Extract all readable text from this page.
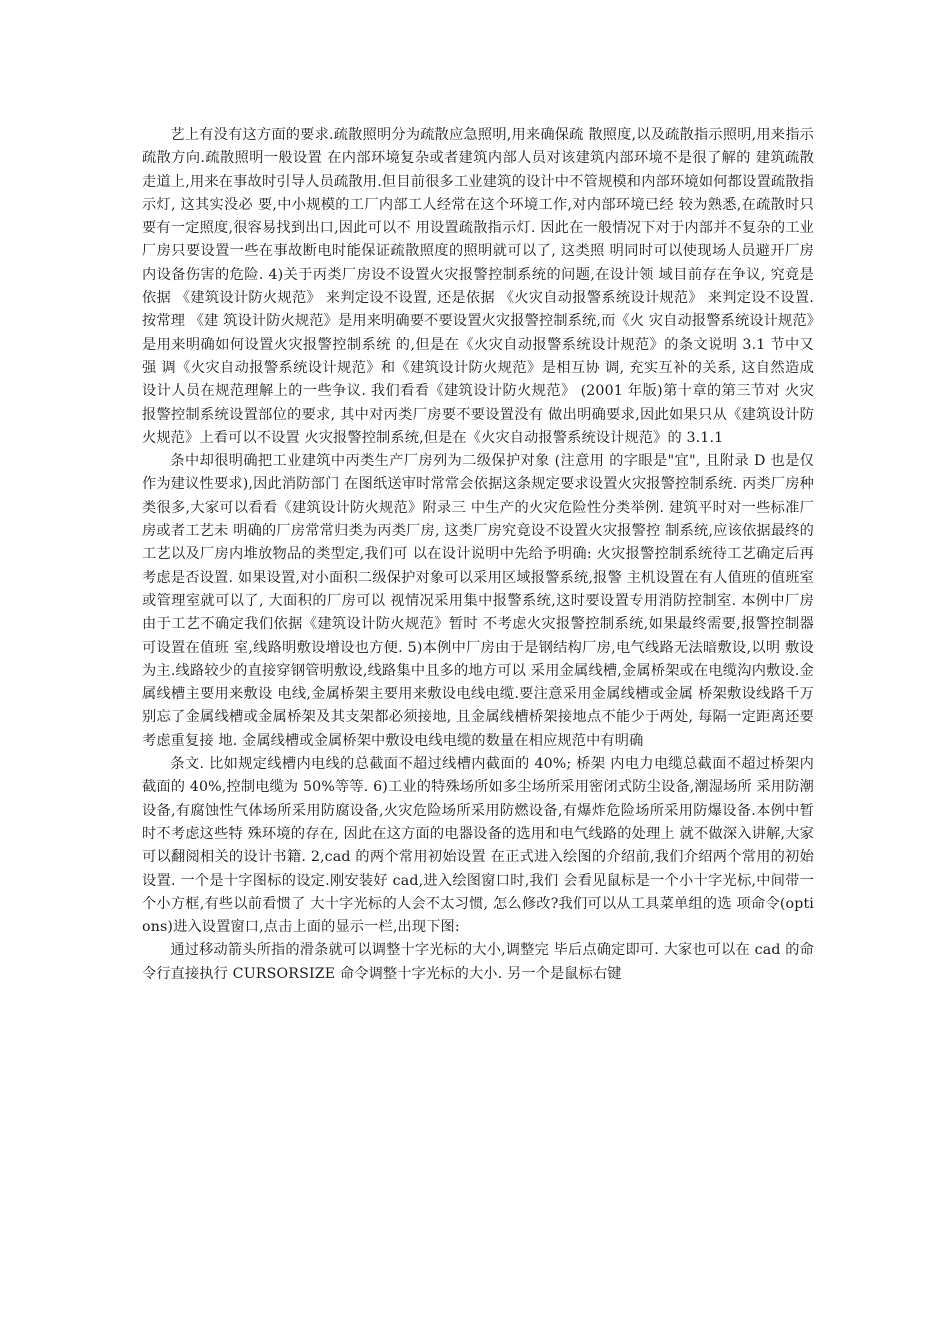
艺上有没有这方面的要求.疏散照明分为疏散应急照明,用来确保疏 散照度,以及疏散指示照明,用来指示疏散方向.疏散照明一般设置 在内部环境复杂或者建筑内部人员对该建筑内部环境不是很了解的 建筑疏散走道上,用来在事故时引导人员疏散用.但目前很多工业建筑的设计中不管规模和内部环境如何都设置疏散指示灯, 这其实没必 要,中小规模的工厂内部工人经常在这个环境工作,对内部环境已经 较为熟悉,在疏散时只要有一定照度,很容易找到出口,因此可以不 用设置疏散指示灯. 因此在一般情况下对于内部并不复杂的工业厂房只要设置一些在事故断电时能保证疏散照度的照明就可以了, 这类照 明同时可以使现场人员避开厂房内设备伤害的危险. 4)关于丙类厂房设不设置火灾报警控制系统的问题,在设计领 域目前存在争议, 究竟是依据 《建筑设计防火规范》 来判定设不设置, 还是依据 《火灾自动报警系统设计规范》 来判定设不设置. 按常理 《建 筑设计防火规范》是用来明确要不要设置火灾报警控制系统,而《火 灾自动报警系统设计规范》是用来明确如何设置火灾报警控制系统 的,但是在《火灾自动报警系统设计规范》的条文说明 3.1 节中又强 调《火灾自动报警系统设计规范》和《建筑设计防火规范》是相互协 调, 充实互补的关系, 这自然造成设计人员在规范理解上的一些争议. 我们看看《建筑设计防火规范》 (2001 年版)第十章的第三节对 火灾报警控制系统设置部位的要求, 其中对丙类厂房要不要设置没有 做出明确要求,因此如果只从《建筑设计防火规范》上看可以不设置 火灾报警控制系统,但是在《火灾自动报警系统设计规范》的 3.1.1

条中却很明确把工业建筑中丙类生产厂房列为二级保护对象 (注意用 的字眼是"宜", 且附录 D 也是仅作为建议性要求),因此消防部门 在图纸送审时常常会依据这条规定要求设置火灾报警控制系统. 丙类厂房种类很多,大家可以看看《建筑设计防火规范》附录三 中生产的火灾危险性分类举例. 建筑平时对一些标准厂房或者工艺未 明确的厂房常常归类为丙类厂房, 这类厂房究竟设不设置火灾报警控 制系统,应该依据最终的工艺以及厂房内堆放物品的类型定,我们可 以在设计说明中先给予明确: 火灾报警控制系统待工艺确定后再考虑是否设置. 如果设置,对小面积二级保护对象可以采用区域报警系统,报警 主机设置在有人值班的值班室或管理室就可以了, 大面积的厂房可以 视情况采用集中报警系统,这时要设置专用消防控制室. 本例中厂房由于工艺不确定我们依据《建筑设计防火规范》暂时 不考虑火灾报警控制系统,如果最终需要,报警控制器可设置在值班 室,线路明敷设增设也方便. 5)本例中厂房由于是钢结构厂房,电气线路无法暗敷设,以明 敷设为主.线路较少的直接穿钢管明敷设,线路集中且多的地方可以 采用金属线槽,金属桥架或在电缆沟内敷设.金属线槽主要用来敷设 电线,金属桥架主要用来敷设电线电缆.要注意采用金属线槽或金属 桥架敷设线路千万别忘了金属线槽或金属桥架及其支架都必须接地, 且金属线槽桥架接地点不能少于两处, 每隔一定距离还要考虑重复接 地. 金属线槽或金属桥架中敷设电线电缆的数量在相应规范中有明确

条文. 比如规定线槽内电线的总截面不超过线槽内截面的 40%; 桥架 内电力电缆总截面不超过桥架内截面的 40%,控制电缆为 50%等等. 6)工业的特殊场所如多尘场所采用密闭式防尘设备,潮湿场所 采用防潮设备,有腐蚀性气体场所采用防腐设备,火灾危险场所采用防燃设备,有爆炸危险场所采用防爆设备.本例中暂时不考虑这些特 殊环境的存在, 因此在这方面的电器设备的选用和电气线路的处理上 就不做深入讲解,大家可以翻阅相关的设计书籍. 2,cad 的两个常用初始设置 在正式进入绘图的介绍前,我们介绍两个常用的初始设置. 一个是十字图标的设定.刚安装好 cad,进入绘图窗口时,我们 会看见鼠标是一个小十字光标,中间带一个小方框,有些以前看惯了 大十字光标的人会不太习惯, 怎么修改?我们可以从工具菜单组的选 项命令(options)进入设置窗口,点击上面的显示一栏,出现下图:

通过移动箭头所指的滑条就可以调整十字光标的大小,调整完 毕后点确定即可. 大家也可以在 cad 的命令行直接执行 CURSORSIZE 命令调整十字光标的大小. 另一个是鼠标右键
